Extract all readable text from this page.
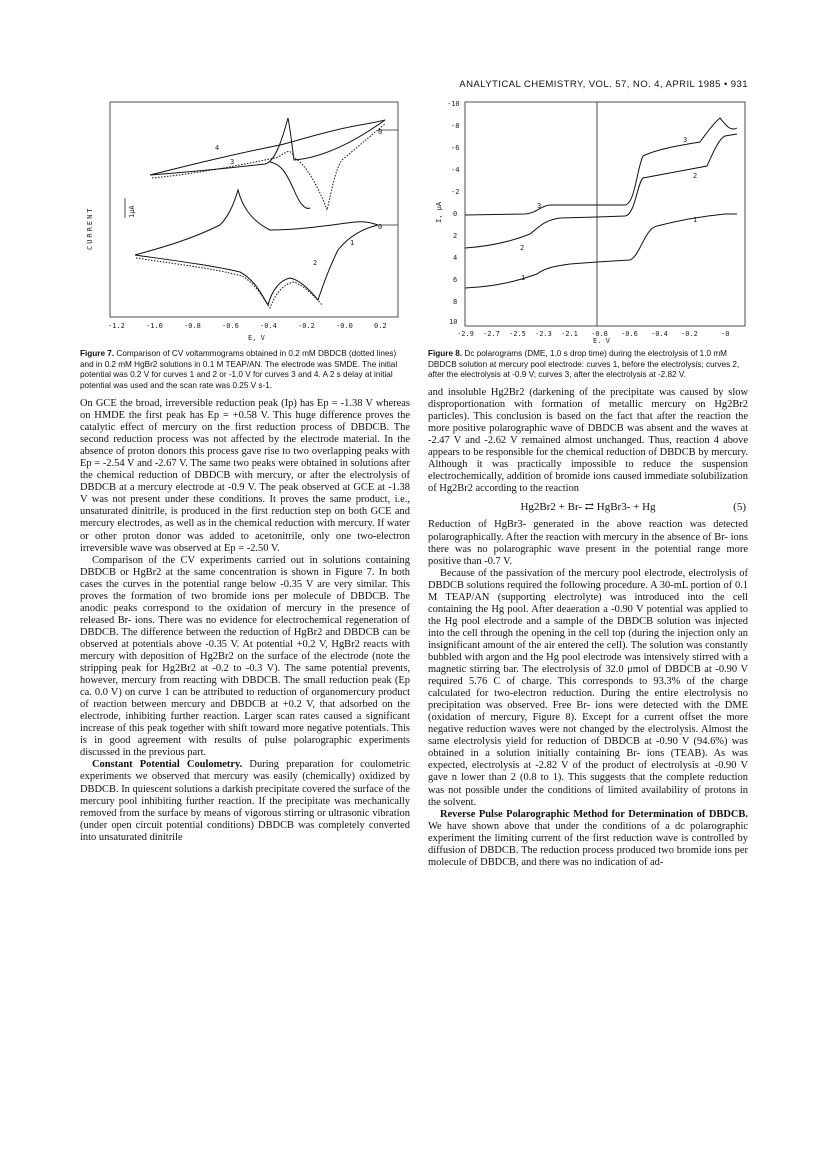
ANALYTICAL CHEMISTRY, VOL. 57, NO. 4, APRIL 1985 • 931
CURRENT	1μA
0
0
4
3
1
2
-1.2	-1.0	-0.8	-0.6	-0.4	-0.2	-0.0	0.2
E, V
Figure 7. Comparison of CV voltammograms obtained in 0.2 mM DBDCB (dotted lines) and in 0.2 mM HgBr2 solutions in 0.1 M TEAP/AN. The electrode was SMDE. The initial potential was 0.2 V for curves 1 and 2 or -1.0 V for curves 3 and 4. A 2 s delay at initial potential was used and the scan rate was 0.25 V s-1.
I, μA
-10
-8
-6
-4
-2
0
2
4
6
8
10
3
2
1
3
2
1
-2.9 -2.7 -2.5 -2.3 -2.1 -0.8 -0.6 -0.4 -0.2	-0
E, V
Figure 8. Dc polarograms (DME, 1.0 s drop time) during the electrolysis of 1.0 mM DBDCB solution at mercury pool electrode: curves 1, before the electrolysis; curves 2, after the electrolysis at -0.9 V; curves 3, after the electrolysis at -2.82 V.

On GCE the broad, irreversible reduction peak (Ip) has Ep = -1.38 V whereas on HMDE the first peak has Ep = +0.58 V. This huge difference proves the catalytic effect of mercury on the first reduction process of DBDCB. The second reduction process was not affected by the electrode material. In the absence of proton donors this process gave rise to two overlapping peaks with Ep = -2.54 V and -2.67 V. The same two peaks were obtained in solutions after the chemical reduction of DBDCB with mercury, or after the electrolysis of DBDCB at a mercury electrode at -0.9 V. The peak observed at GCE at -1.38 V was not present under these conditions. It proves the same product, i.e., unsaturated dinitrile, is produced in the first reduction step on both GCE and mercury electrodes, as well as in the chemical reduction with mercury. If water or other proton donor was added to acetonitrile, only one two-electron irreversible wave was observed at Ep = -2.50 V.

Comparison of the CV experiments carried out in solutions containing DBDCB or HgBr2 at the same concentration is shown in Figure 7. In both cases the curves in the potential range below -0.35 V are very similar. This proves the formation of two bromide ions per molecule of DBDCB. The anodic peaks correspond to the oxidation of mercury in the presence of released Br- ions. There was no evidence for electrochemical regeneration of DBDCB. The difference between the reduction of HgBr2 and DBDCB can be observed at potentials above -0.35 V. At potential +0.2 V, HgBr2 reacts with mercury with deposition of Hg2Br2 on the surface of the electrode (note the stripping peak for Hg2Br2 at -0.2 to -0.3 V). The same potential prevents, however, mercury from reacting with DBDCB. The small reduction peak (Ep ca. 0.0 V) on curve 1 can be attributed to reduction of organomercury product of reaction between mercury and DBDCB at +0.2 V, that adsorbed on the electrode, inhibiting further reaction. Larger scan rates caused a significant increase of this peak together with shift toward more negative potentials. This is in good agreement with results of pulse polarographic experiments discussed in the previous part.

Constant Potential Coulometry. During preparation for coulometric experiments we observed that mercury was easily (chemically) oxidized by DBDCB. In quiescent solutions a darkish precipitate covered the surface of the mercury pool inhibiting further reaction. If the precipitate was mechanically removed from the surface by means of vigorous stirring or ultrasonic vibration (under open circuit potential conditions) DBDCB was completely converted into unsaturated dinitrile

and insoluble Hg2Br2 (darkening of the precipitate was caused by slow disproportionation with formation of metallic mercury on Hg2Br2 particles). This conclusion is based on the fact that after the reaction the more positive polarographic wave of DBDCB was absent and the waves at -2.47 V and -2.62 V remained almost unchanged. Thus, reaction 4 above appears to be responsible for the chemical reduction of DBDCB by mercury. Although it was practically impossible to reduce the suspension electrochemically, addition of bromide ions caused immediate solubilization of Hg2Br2 according to the reaction

Hg2Br2 + Br- ⇄ HgBr3- + Hg	(5)

Reduction of HgBr3- generated in the above reaction was detected polarographically. After the reaction with mercury in the absence of Br- ions there was no polarographic wave present in the potential range more positive than -0.7 V.

Because of the passivation of the mercury pool electrode, electrolysis of DBDCB solutions required the following procedure. A 30-mL portion of 0.1 M TEAP/AN (supporting electrolyte) was introduced into the cell containing the Hg pool. After deaeration a -0.90 V potential was applied to the Hg pool electrode and a sample of the DBDCB solution was injected into the cell through the opening in the cell top (during the injection only an insignificant amount of the air entered the cell). The solution was constantly bubbled with argon and the Hg pool electrode was intensively stirred with a magnetic stirring bar. The electrolysis of 32.0 μmol of DBDCB at -0.90 V required 5.76 C of charge. This corresponds to 93.3% of the charge calculated for two-electron reduction. During the entire electrolysis no precipitation was observed. Free Br- ions were detected with the DME (oxidation of mercury, Figure 8). Except for a current offset the more negative reduction waves were not changed by the electrolysis. Almost the same electrolysis yield for reduction of DBDCB at -0.90 V (94.6%) was obtained in a solution initially containing Br- ions (TEAB). As was expected, electrolysis at -2.82 V of the product of electrolysis at -0.90 V gave n lower than 2 (0.8 to 1). This suggests that the complete reduction was not possible under the conditions of limited availability of protons in the solvent.

Reverse Pulse Polarographic Method for Determination of DBDCB. We have shown above that under the conditions of a dc polarographic experiment the limiting current of the first reduction wave is controlled by diffusion of DBDCB. The reduction process produced two bromide ions per molecule of DBDCB, and there was no indication of ad-
